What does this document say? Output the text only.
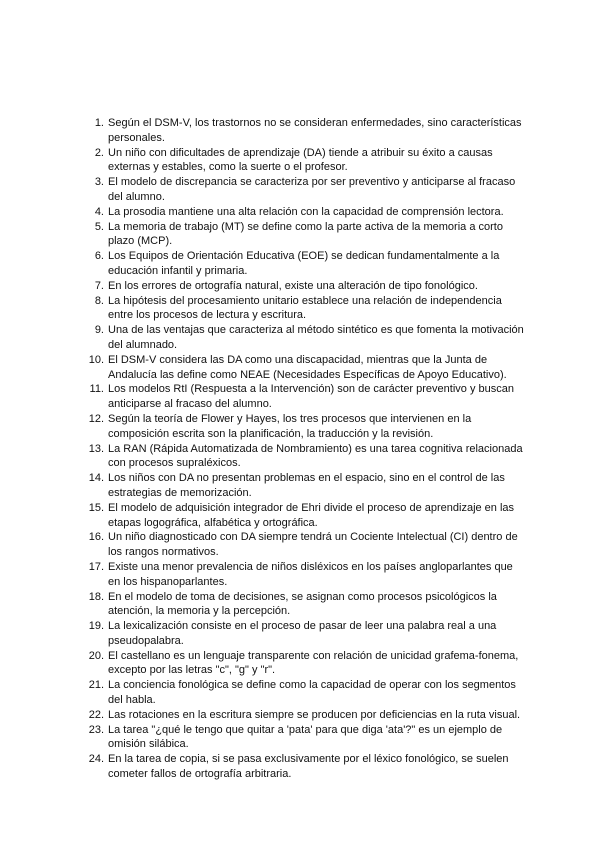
1. Según el DSM-V, los trastornos no se consideran enfermedades, sino características personales.
2. Un niño con dificultades de aprendizaje (DA) tiende a atribuir su éxito a causas externas y estables, como la suerte o el profesor.
3. El modelo de discrepancia se caracteriza por ser preventivo y anticiparse al fracaso del alumno.
4. La prosodia mantiene una alta relación con la capacidad de comprensión lectora.
5. La memoria de trabajo (MT) se define como la parte activa de la memoria a corto plazo (MCP).
6. Los Equipos de Orientación Educativa (EOE) se dedican fundamentalmente a la educación infantil y primaria.
7. En los errores de ortografía natural, existe una alteración de tipo fonológico.
8. La hipótesis del procesamiento unitario establece una relación de independencia entre los procesos de lectura y escritura.
9. Una de las ventajas que caracteriza al método sintético es que fomenta la motivación del alumnado.
10. El DSM-V considera las DA como una discapacidad, mientras que la Junta de Andalucía las define como NEAE (Necesidades Específicas de Apoyo Educativo).
11. Los modelos RtI (Respuesta a la Intervención) son de carácter preventivo y buscan anticiparse al fracaso del alumno.
12. Según la teoría de Flower y Hayes, los tres procesos que intervienen en la composición escrita son la planificación, la traducción y la revisión.
13. La RAN (Rápida Automatizada de Nombramiento) es una tarea cognitiva relacionada con procesos supraléxicos.
14. Los niños con DA no presentan problemas en el espacio, sino en el control de las estrategias de memorización.
15. El modelo de adquisición integrador de Ehri divide el proceso de aprendizaje en las etapas logográfica, alfabética y ortográfica.
16. Un niño diagnosticado con DA siempre tendrá un Cociente Intelectual (CI) dentro de los rangos normativos.
17. Existe una menor prevalencia de niños disléxicos en los países angloparlantes que en los hispanoparlantes.
18. En el modelo de toma de decisiones, se asignan como procesos psicológicos la atención, la memoria y la percepción.
19. La lexicalización consiste en el proceso de pasar de leer una palabra real a una pseudopalabra.
20. El castellano es un lenguaje transparente con relación de unicidad grafema-fonema, excepto por las letras "c", "g" y "r".
21. La conciencia fonológica se define como la capacidad de operar con los segmentos del habla.
22. Las rotaciones en la escritura siempre se producen por deficiencias en la ruta visual.
23. La tarea "¿qué le tengo que quitar a 'pata' para que diga 'ata'?" es un ejemplo de omisión silábica.
24. En la tarea de copia, si se pasa exclusivamente por el léxico fonológico, se suelen cometer fallos de ortografía arbitraria.
